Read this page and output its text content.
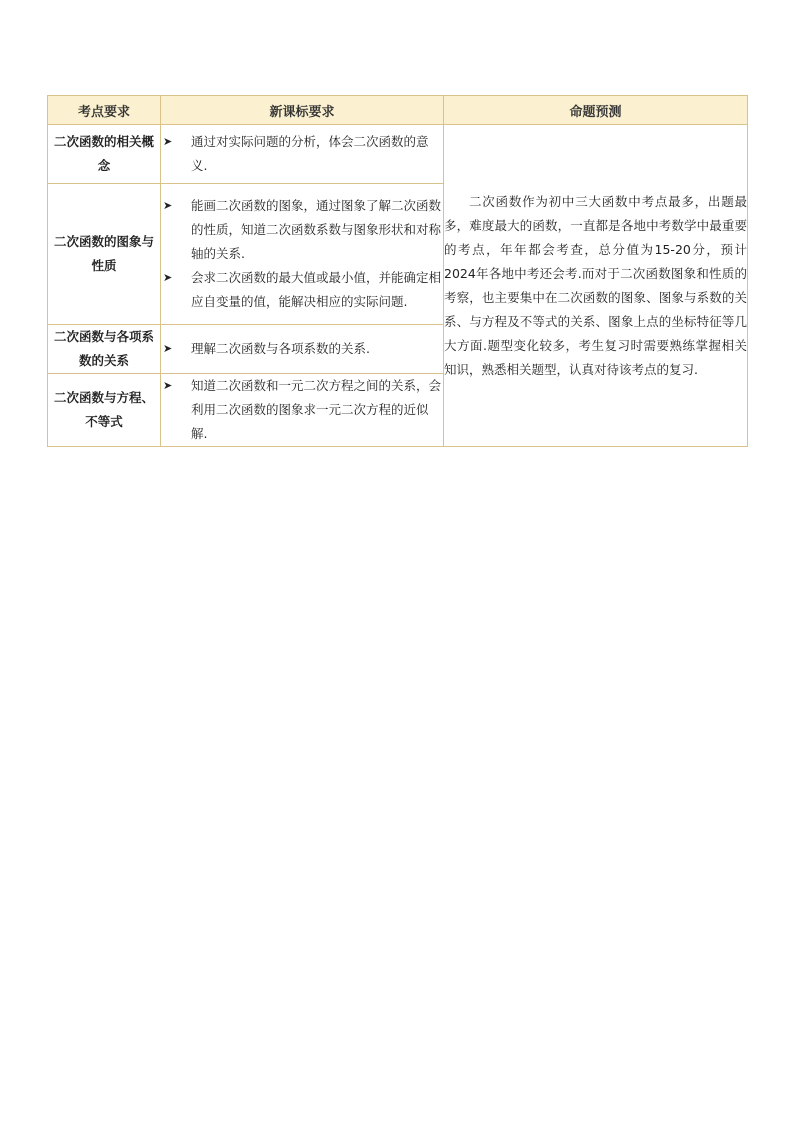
考点要求	新课标要求	命题预测
二次函数的相关概念	➤ 通过对实际问题的分析，体会二次函数的意义.	二次函数作为初中三大函数中考点最多，出题最多，难度最大的函数，一直都是各地中考数学中最重要的考点，年年都会考查，总分值为15-20分，预计2024年各地中考还会考.而对于二次函数图象和性质的考察，也主要集中在二次函数的图象、图象与系数的关系、与方程及不等式的关系、图象上点的坐标特征等几大方面.题型变化较多，考生复习时需要熟练掌握相关知识，熟悉相关题型，认真对待该考点的复习.

二次函数的图象与性质	➤ 能画二次函数的图象，通过图象了解二次函数的性质，知道二次函数系数与图象形状和对称轴的关系.
➤ 会求二次函数的最大值或最小值，并能确定相应自变量的值，能解决相应的实际问题.	

二次函数与各项系数的关系	➤ 理解二次函数与各项系数的关系.	

二次函数与方程、不等式	➤ 知道二次函数和一元二次方程之间的关系，会利用二次函数的图象求一元二次方程的近似解.	
